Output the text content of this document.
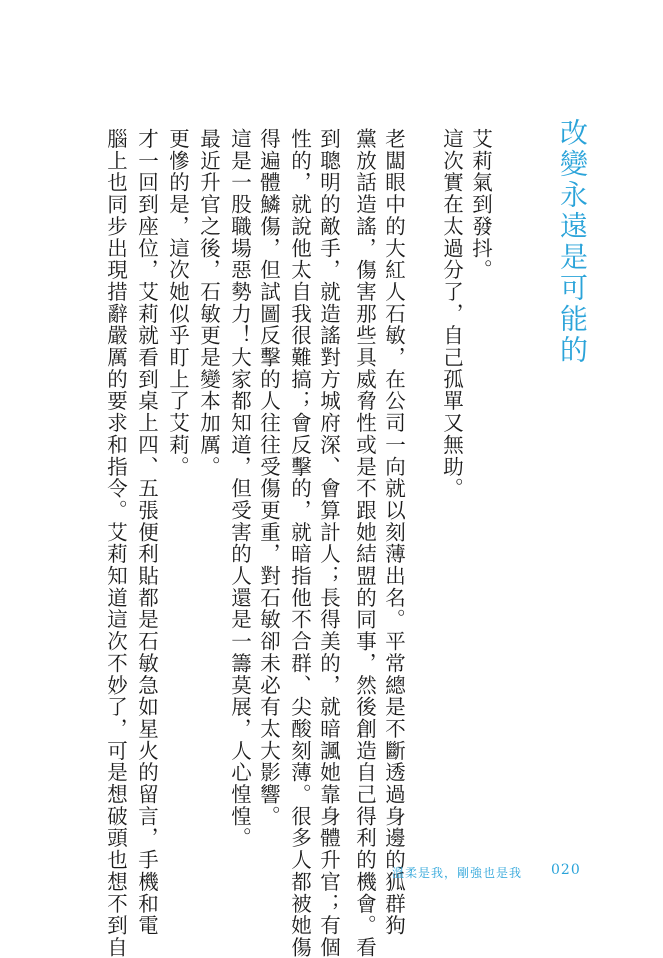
改變永遠是可能的
艾莉氣到發抖。
這次實在太過分了，自己孤單又無助。
老闆眼中的大紅人石敏，在公司一向就以刻薄出名。平常總是不斷透過身邊的狐群狗
黨放話造謠，傷害那些具威脅性或是不跟她結盟的同事，然後創造自己得利的機會。看
到聰明的敵手，就造謠對方城府深、會算計人；長得美的，就暗諷她靠身體升官；有個
性的，就說他太自我很難搞；會反擊的，就暗指他不合群、尖酸刻薄。很多人都被她傷
得遍體鱗傷，但試圖反擊的人往往受傷更重，對石敏卻未必有太大影響。
這是一股職場惡勢力！大家都知道，但受害的人還是一籌莫展，人心惶惶。
最近升官之後，石敏更是變本加厲。
更慘的是，這次她似乎盯上了艾莉。
才一回到座位，艾莉就看到桌上四、五張便利貼都是石敏急如星火的留言，手機和電
腦上也同步出現措辭嚴厲的要求和指令。艾莉知道這次不妙了，可是想破頭也想不到自	溫柔是我，剛強也是我 020
